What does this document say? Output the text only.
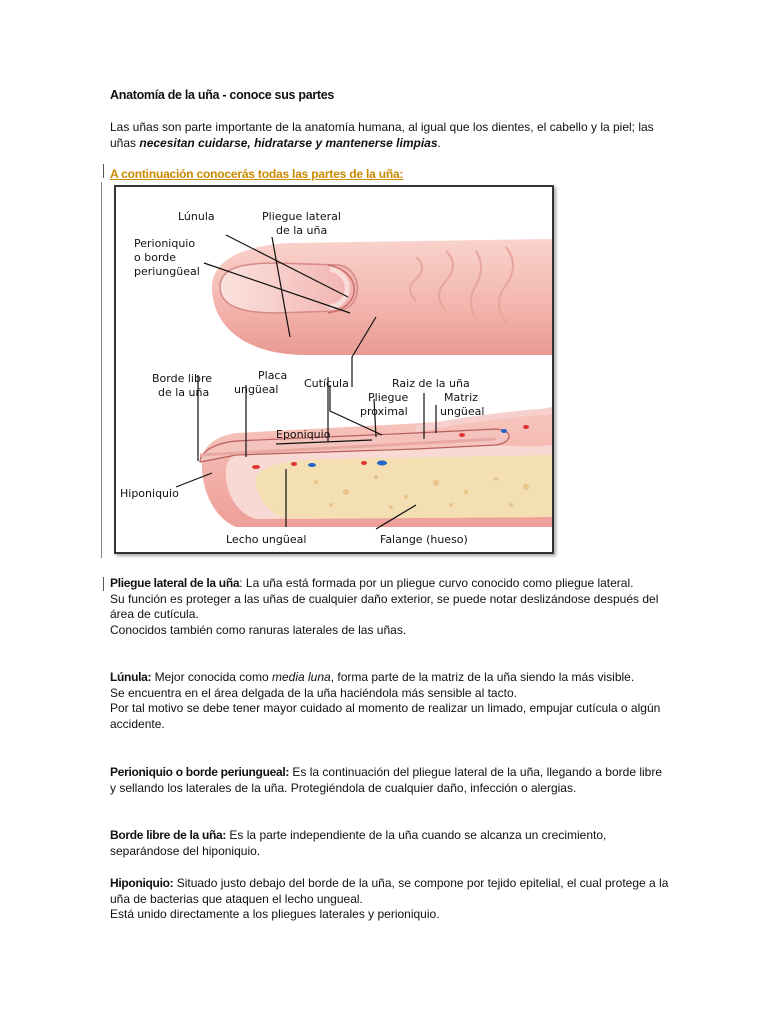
Anatomía de la uña - conoce sus partes
Las uñas son parte importante de la anatomía humana, al igual que los dientes, el cabello y la piel; las uñas necesitan cuidarse, hidratarse y mantenerse limpias.
A continuación conocerás todas las partes de la uña:
Lúnula	Pliegue lateral
de la uña
Perioniquio
o borde
periungüeal
Borde libre
de la uña
Placa
ungüeal Cutícula	Raiz de la uña
Pliegue
proximal
Matriz
ungüeal
Eponiquio
Hiponiquio
Lecho ungüeal	Falange (hueso)

Pliegue lateral de la uña: La uña está formada por un pliegue curvo conocido como pliegue lateral.

Su función es proteger a las uñas de cualquier daño exterior, se puede notar deslizándose después del área de cutícula.

Conocidos también como ranuras laterales de las uñas.

Lúnula: Mejor conocida como media luna, forma parte de la matriz de la uña siendo la más visible.

Se encuentra en el área delgada de la uña haciéndola más sensible al tacto.

Por tal motivo se debe tener mayor cuidado al momento de realizar un limado, empujar cutícula o algún accidente.

Perioniquio o borde periungueal: Es la continuación del pliegue lateral de la uña, llegando a borde libre y sellando los laterales de la uña. Protegiéndola de cualquier daño, infección o alergias.

Borde libre de la uña: Es la parte independiente de la uña cuando se alcanza un crecimiento, separándose del hiponiquio.

Hiponiquio: Situado justo debajo del borde de la uña, se compone por tejido epitelial, el cual protege a la uña de bacterias que ataquen el lecho ungueal.

Está unido directamente a los pliegues laterales y perioniquio.
